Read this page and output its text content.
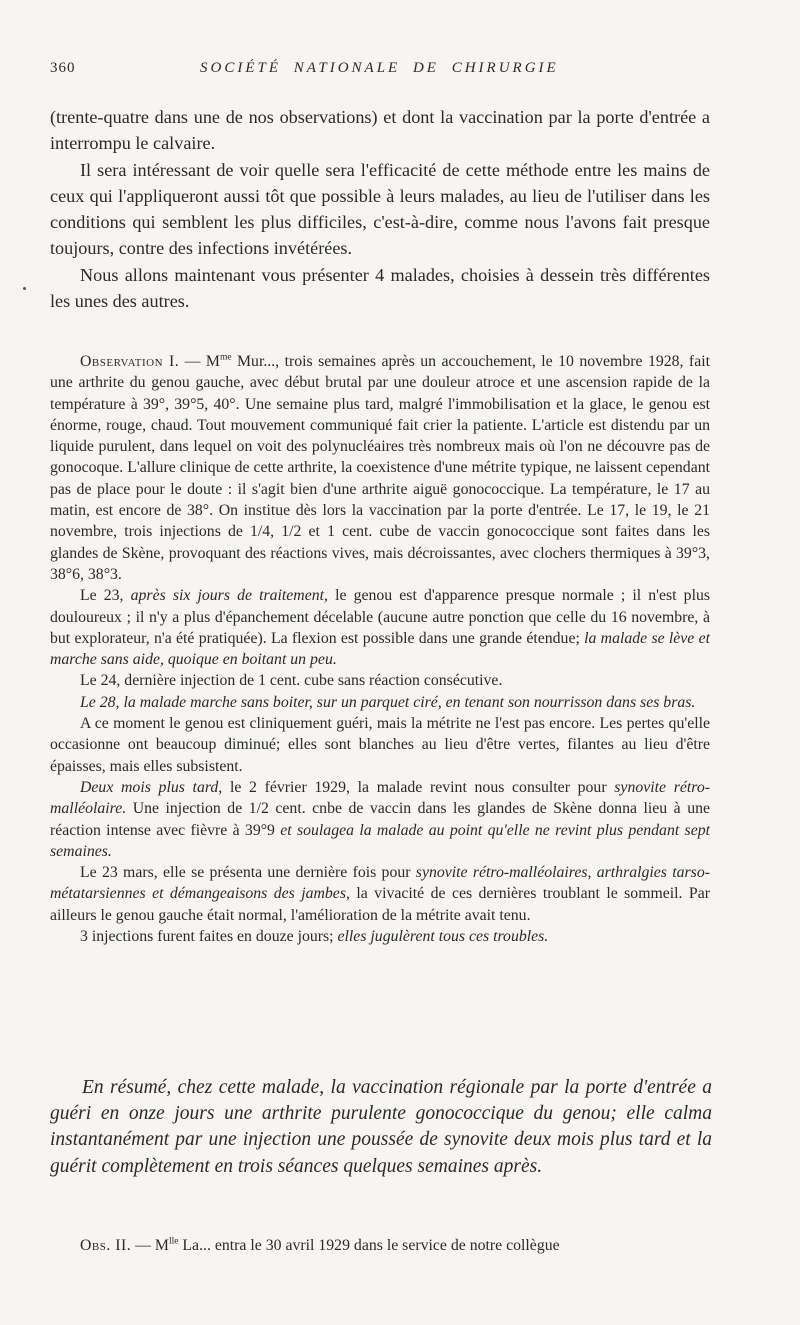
360	SOCIÉTÉ NATIONALE DE CHIRURGIE

(trente-quatre dans une de nos observations) et dont la vaccination par la porte d'entrée a interrompu le calvaire.

Il sera intéressant de voir quelle sera l'efficacité de cette méthode entre les mains de ceux qui l'appliqueront aussi tôt que possible à leurs malades, au lieu de l'utiliser dans les conditions qui semblent les plus difficiles, c'est-à-dire, comme nous l'avons fait presque toujours, contre des infections invétérées.

Nous allons maintenant vous présenter 4 malades, choisies à dessein très différentes les unes des autres.

Observation I. — $M^{me}$ Mur..., trois semaines après un accouchement, le 10 novembre 1928, fait une arthrite du genou gauche, avec début brutal par une douleur atroce et une ascension rapide de la température à 39°, 39°5, 40°. Une semaine plus tard, malgré l'immobilisation et la glace, le genou est énorme, rouge, chaud. Tout mouvement communiqué fait crier la patiente. L'article est distendu par un liquide purulent, dans lequel on voit des polynucléaires très nombreux mais où l'on ne découvre pas de gonocoque. L'allure clinique de cette arthrite, la coexistence d'une métrite typique, ne laissent cependant pas de place pour le doute : il s'agit bien d'une arthrite aiguë gonococcique. La température, le 17 au matin, est encore de 38°. On institue dès lors la vaccination par la porte d'entrée. Le 17, le 19, le 21 novembre, trois injections de 1/4, 1/2 et 1 cent. cube de vaccin gonococcique sont faites dans les glandes de Skène, provoquant des réactions vives, mais décroissantes, avec clochers thermiques à 39°3, 38°6, 38°3.

Le 23, après six jours de traitement, le genou est d'apparence presque normale ; il n'est plus douloureux ; il n'y a plus d'épanchement décelable (aucune autre ponction que celle du 16 novembre, à but explorateur, n'a été pratiquée). La flexion est possible dans une grande étendue; la malade se lève et marche sans aide, quoique en boitant un peu.

Le 24, dernière injection de 1 cent. cube sans réaction consécutive.

Le 28, la malade marche sans boiter, sur un parquet ciré, en tenant son nourrisson dans ses bras.

A ce moment le genou est cliniquement guéri, mais la métrite ne l'est pas encore. Les pertes qu'elle occasionne ont beaucoup diminué; elles sont blanches au lieu d'être vertes, filantes au lieu d'être épaisses, mais elles subsistent.

Deux mois plus tard, le 2 février 1929, la malade revint nous consulter pour synovite rétro-malléolaire. Une injection de 1/2 cent. cnbe de vaccin dans les glandes de Skène donna lieu à une réaction intense avec fièvre à 39°9 et soulagea la malade au point qu'elle ne revint plus pendant sept semaines.

Le 23 mars, elle se présenta une dernière fois pour synovite rétro-malléolaires, arthralgies tarso-métatarsiennes et démangeaisons des jambes, la vivacité de ces dernières troublant le sommeil. Par ailleurs le genou gauche était normal, l'amélioration de la métrite avait tenu.

3 injections furent faites en douze jours; elles jugulèrent tous ces troubles.

En résumé, chez cette malade, la vaccination régionale par la porte d'entrée a guéri en onze jours une arthrite purulente gonococcique du genou; elle calma instantanément par une injection une poussée de synovite deux mois plus tard et la guérit complètement en trois séances quelques semaines après.

Obs. II. — $M^{lle}$ La... entra le 30 avril 1929 dans le service de notre collègue
